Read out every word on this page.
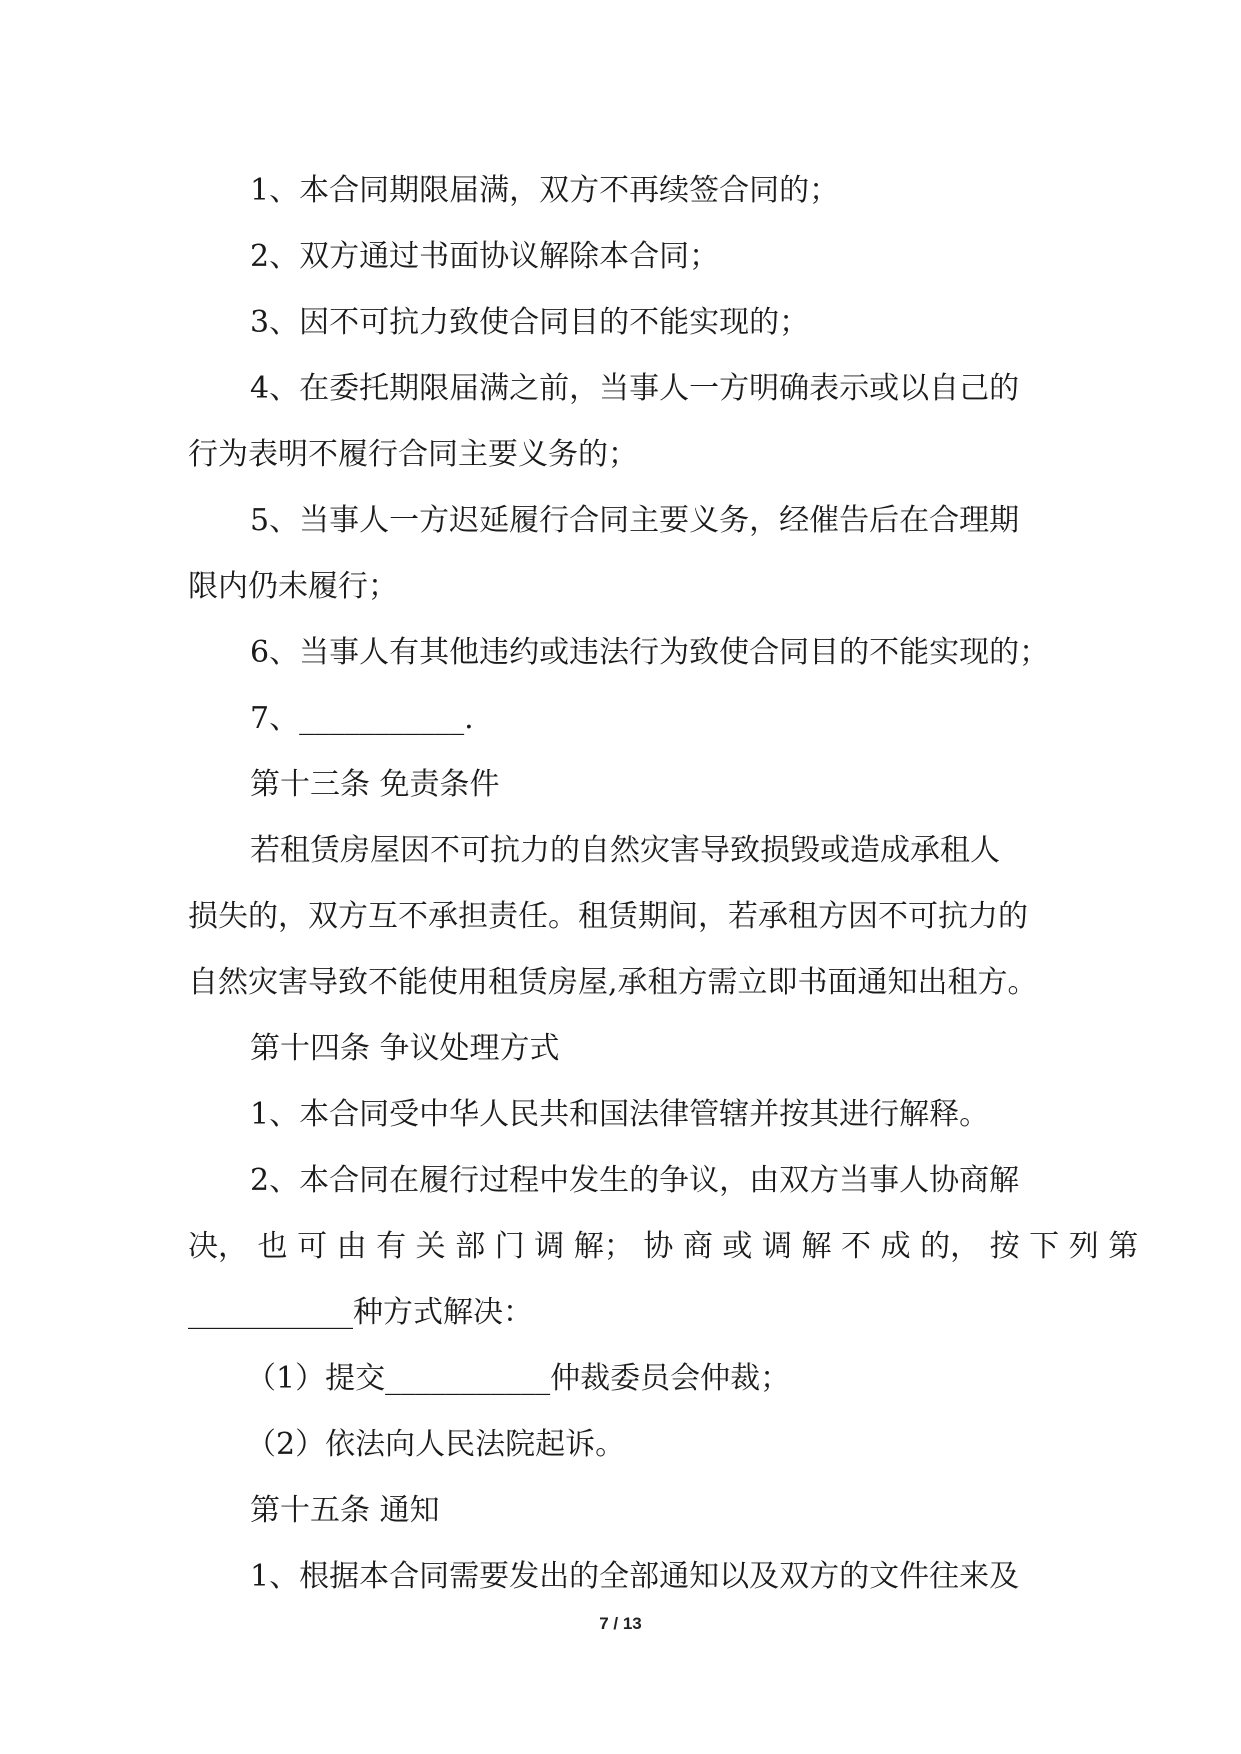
1、本合同期限届满，双方不再续签合同的；

2、双方通过书面协议解除本合同；

3、因不可抗力致使合同目的不能实现的；

4、在委托期限届满之前，当事人一方明确表示或以自己的

行为表明不履行合同主要义务的；

5、当事人一方迟延履行合同主要义务，经催告后在合理期

限内仍未履行；

6、当事人有其他违约或违法行为致使合同目的不能实现的；

7、___________.

第十三条 免责条件

若租赁房屋因不可抗力的自然灾害导致损毁或造成承租人

损失的，双方互不承担责任。租赁期间，若承租方因不可抗力的

自然灾害导致不能使用租赁房屋,承租方需立即书面通知出租方。

第十四条 争议处理方式

1、本合同受中华人民共和国法律管辖并按其进行解释。

2、本合同在履行过程中发生的争议，由双方当事人协商解

决， 也 可 由 有 关 部 门 调 解； 协 商 或 调 解 不 成 的， 按 下 列 第

___________种方式解决：

（1）提交___________仲裁委员会仲裁；

（2）依法向人民法院起诉。

第十五条 通知

1、根据本合同需要发出的全部通知以及双方的文件往来及

7 / 13
